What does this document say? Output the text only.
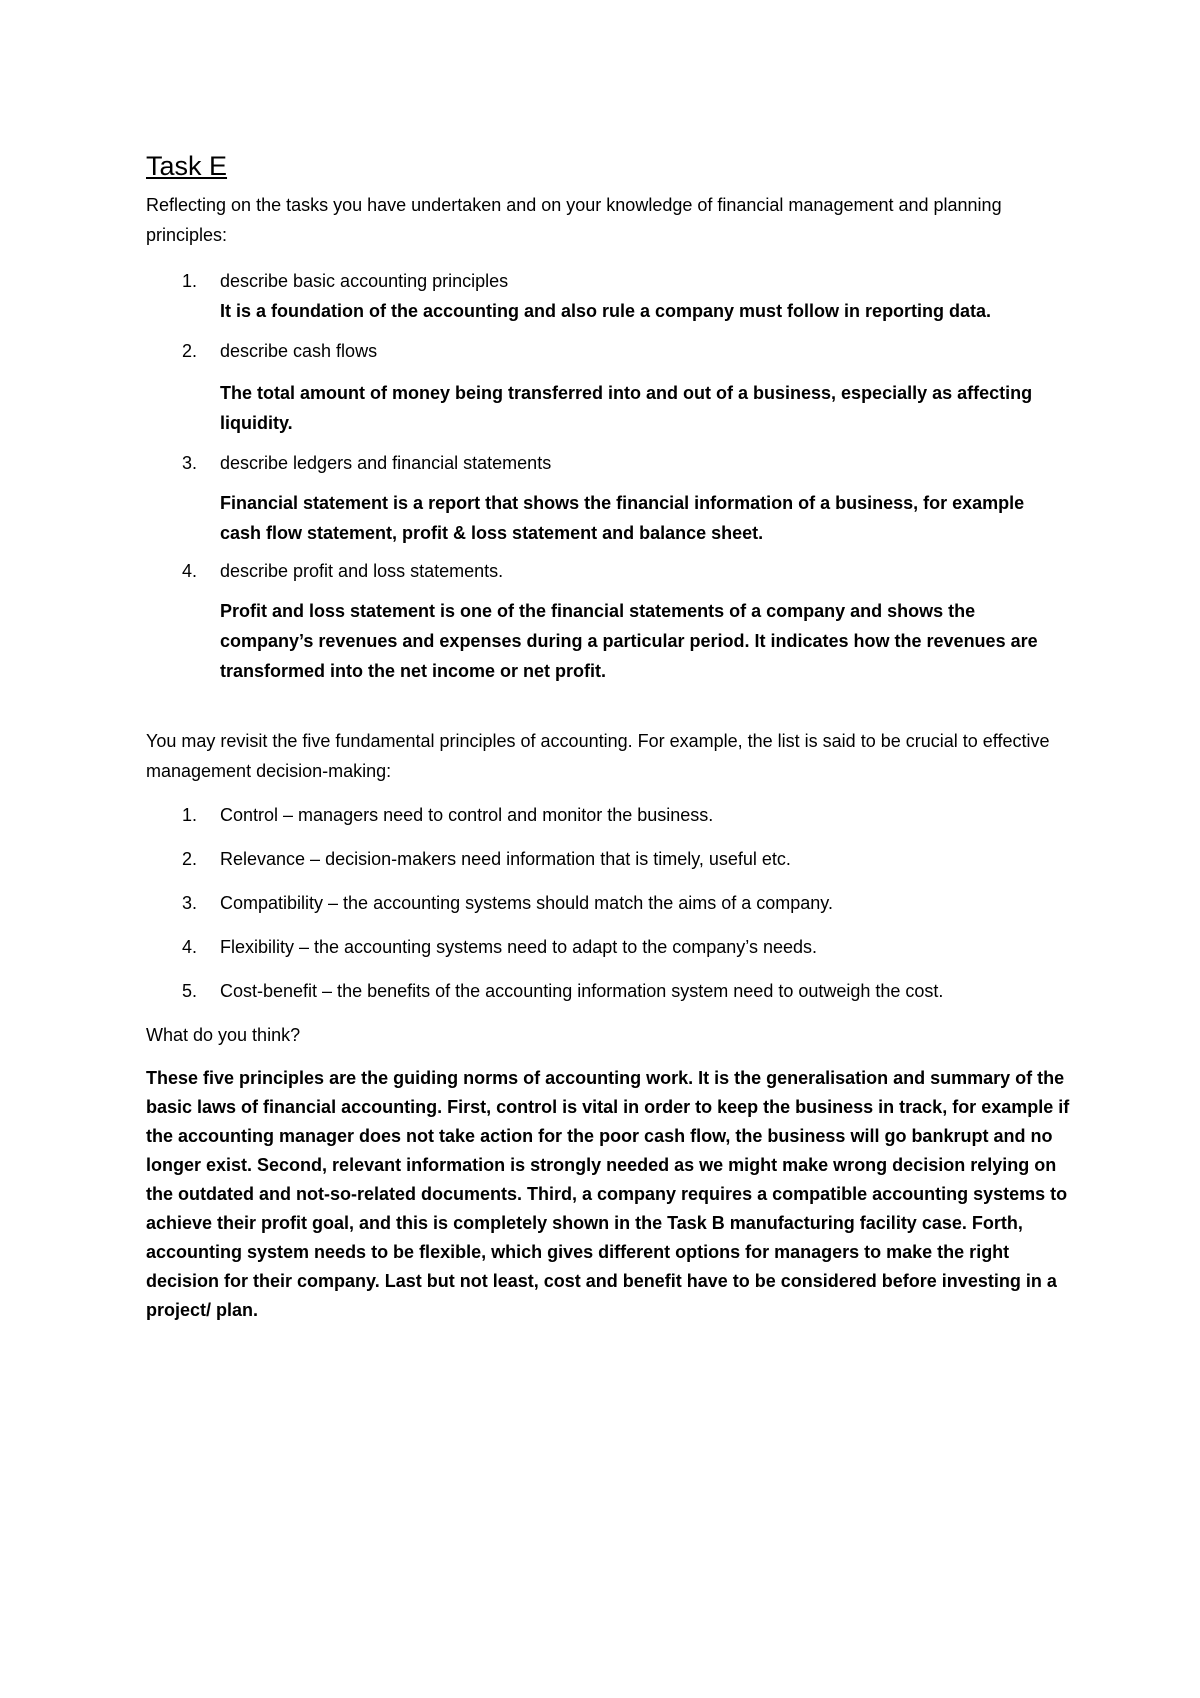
Task E

Reflecting on the tasks you have undertaken and on your knowledge of financial management and planning principles:

1. describe basic accounting principles

It is a foundation of the accounting and also rule a company must follow in reporting data.

2. describe cash flows

The total amount of money being transferred into and out of a business, especially as affecting liquidity.

3. describe ledgers and financial statements

Financial statement is a report that shows the financial information of a business, for example cash flow statement, profit & loss statement and balance sheet.

4. describe profit and loss statements.

Profit and loss statement is one of the financial statements of a company and shows the company’s revenues and expenses during a particular period. It indicates how the revenues are transformed into the net income or net profit.

You may revisit the five fundamental principles of accounting. For example, the list is said to be crucial to effective management decision-making:

1. Control – managers need to control and monitor the business.
2. Relevance – decision-makers need information that is timely, useful etc.
3. Compatibility – the accounting systems should match the aims of a company.
4. Flexibility – the accounting systems need to adapt to the company’s needs.
5. Cost-benefit – the benefits of the accounting information system need to outweigh the cost.

What do you think?

These five principles are the guiding norms of accounting work. It is the generalisation and summary of the basic laws of financial accounting. First, control is vital in order to keep the business in track, for example if the accounting manager does not take action for the poor cash flow, the business will go bankrupt and no longer exist. Second, relevant information is strongly needed as we might make wrong decision relying on the outdated and not-so-related documents. Third, a company requires a compatible accounting systems to achieve their profit goal, and this is completely shown in the Task B manufacturing facility case. Forth, accounting system needs to be flexible, which gives different options for managers to make the right decision for their company. Last but not least, cost and benefit have to be considered before investing in a project/ plan.
